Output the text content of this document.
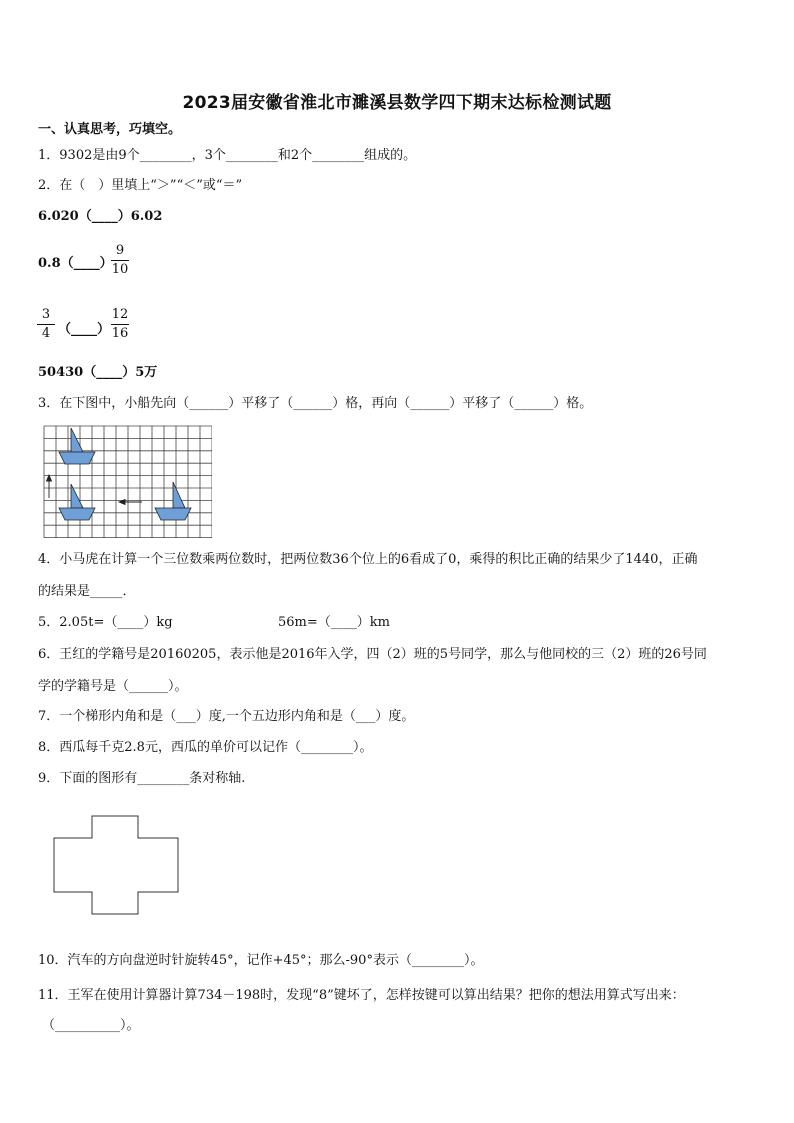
2023届安徽省淮北市濉溪县数学四下期末达标检测试题
一、认真思考，巧填空。
1．9302是由9个________，3个________和2个________组成的。
2．在（　）里填上“＞”“＜”或“＝”
6.020（____）6.02
0.8（____）
9
10
3
4 （____）
12
16
50430（____）5万
3．在下图中，小船先向（______）平移了（______）格，再向（______）平移了（______）格。
4．小马虎在计算一个三位数乘两位数时，把两位数36个位上的6看成了0，乘得的积比正确的结果少了1440，正确
的结果是_____．
5．2.05t=（____）kg	56m=（____）km
6．王红的学籍号是20160205，表示他是2016年入学，四（2）班的5号同学，那么与他同校的三（2）班的26号同
学的学籍号是（______）。
7．一个梯形内角和是（___）度,一个五边形内角和是（___）度。
8．西瓜每千克2.8元，西瓜的单价可以记作（________）。
9．下面的图形有________条对称轴.
10．汽车的方向盘逆时针旋转45°，记作+45°；那么-90°表示（________）。
11．王军在使用计算器计算734－198时，发现“8”键坏了，怎样按键可以算出结果？把你的想法用算式写出来：
（__________）。
